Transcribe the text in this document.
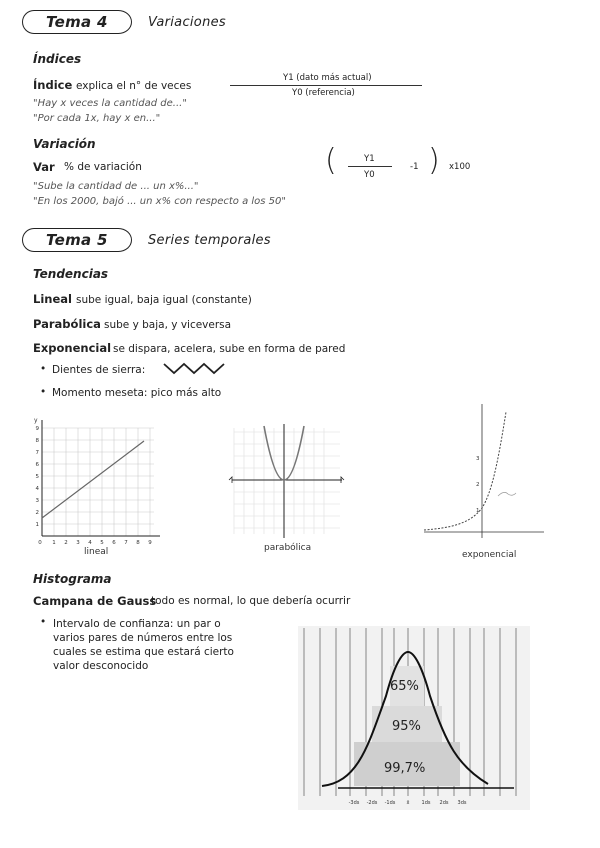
Tema 4	Variaciones
Índices
Índice explica el n° de veces
Y1 (dato más actual)
Y0 (referencia)
"Hay x veces la cantidad de..."
"Por cada 1x, hay x en..."
Variación
Var % de variación	(	Y1
Y0
-1 ) x100
"Sube la cantidad de ... un x%..."
"En los 2000, bajó ... un x% con respecto a los 50"
Tema 5	Series temporales
Tendencias
Lineal sube igual, baja igual (constante)
Parabólica sube y baja, y viceversa
Exponencial se dispara, acelera, sube en forma de pared
• Dientes de sierra:
• Momento meseta: pico más alto
y
1
2
3
4
5
6
7
8
9
0 1 2 3 4 5 6 7 8 9
lineal	parabólica
1
2
3
exponencial
Histograma
Campana de Gauss
todo es normal, lo que debería ocurrir
• Intervalo de confianza: un par o
varios pares de números entre los
cuales se estima que estará cierto
valor desconocido
65%
95%
99,7%
-3ds -2ds -1ds x̄ 1ds 2ds 3ds
